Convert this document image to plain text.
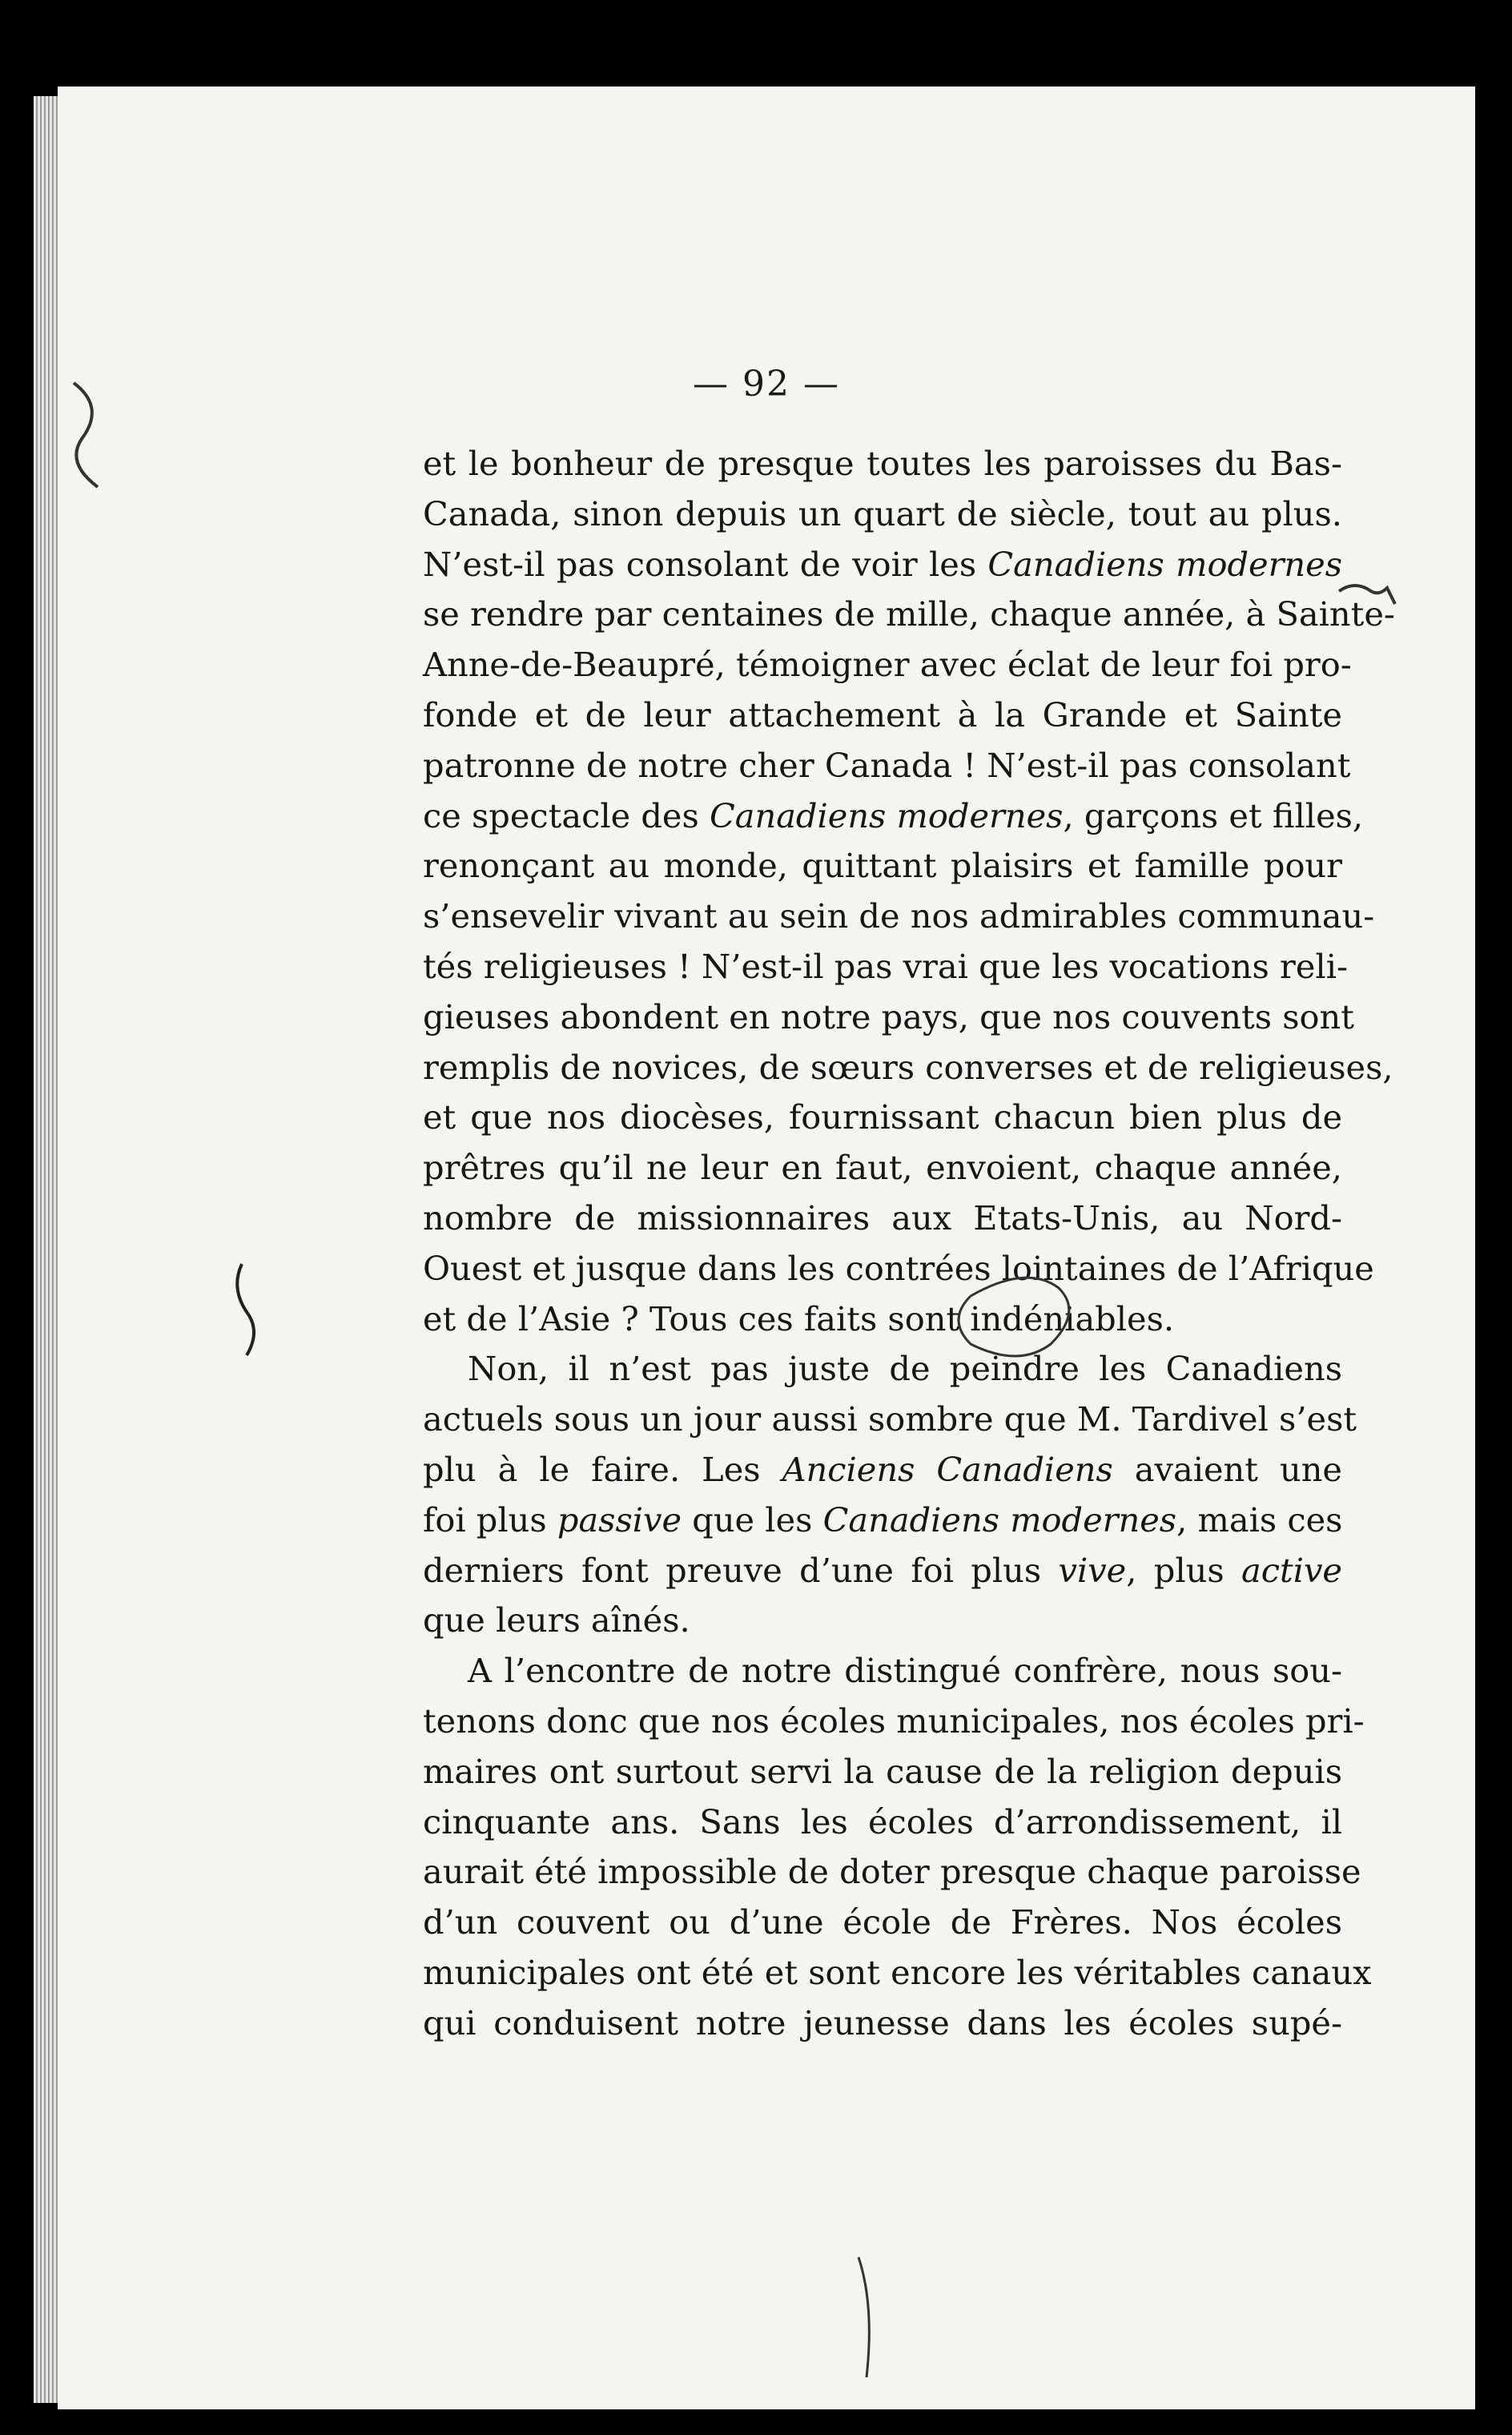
— 92 —
et le bonheur de presque toutes les paroisses du Bas-
Canada, sinon depuis un quart de siècle, tout au plus.
N’est-il pas consolant de voir les Canadiens modernes
se rendre par centaines de mille, chaque année, à Sainte-
Anne-de-Beaupré, témoigner avec éclat de leur foi pro-
fonde et de leur attachement à la Grande et Sainte
patronne de notre cher Canada ! N’est-il pas consolant
ce spectacle des Canadiens modernes, garçons et filles,
renonçant au monde, quittant plaisirs et famille pour
s’ensevelir vivant au sein de nos admirables communau-
tés religieuses ! N’est-il pas vrai que les vocations reli-
gieuses abondent en notre pays, que nos couvents sont
remplis de novices, de sœurs converses et de religieuses,
et que nos diocèses, fournissant chacun bien plus de
prêtres qu’il ne leur en faut, envoient, chaque année,
nombre de missionnaires aux Etats-Unis, au Nord-
Ouest et jusque dans les contrées lointaines de l’Afrique
et de l’Asie ? Tous ces faits sont indéniables.
Non, il n’est pas juste de peindre les Canadiens
actuels sous un jour aussi sombre que M. Tardivel s’est
plu à le faire. Les Anciens Canadiens avaient une
foi plus passive que les Canadiens modernes, mais ces
derniers font preuve d’une foi plus vive, plus active
que leurs aînés.
A l’encontre de notre distingué confrère, nous sou-
tenons donc que nos écoles municipales, nos écoles pri-
maires ont surtout servi la cause de la religion depuis
cinquante ans. Sans les écoles d’arrondissement, il
aurait été impossible de doter presque chaque paroisse
d’un couvent ou d’une école de Frères. Nos écoles
municipales ont été et sont encore les véritables canaux
qui conduisent notre jeunesse dans les écoles supé-
